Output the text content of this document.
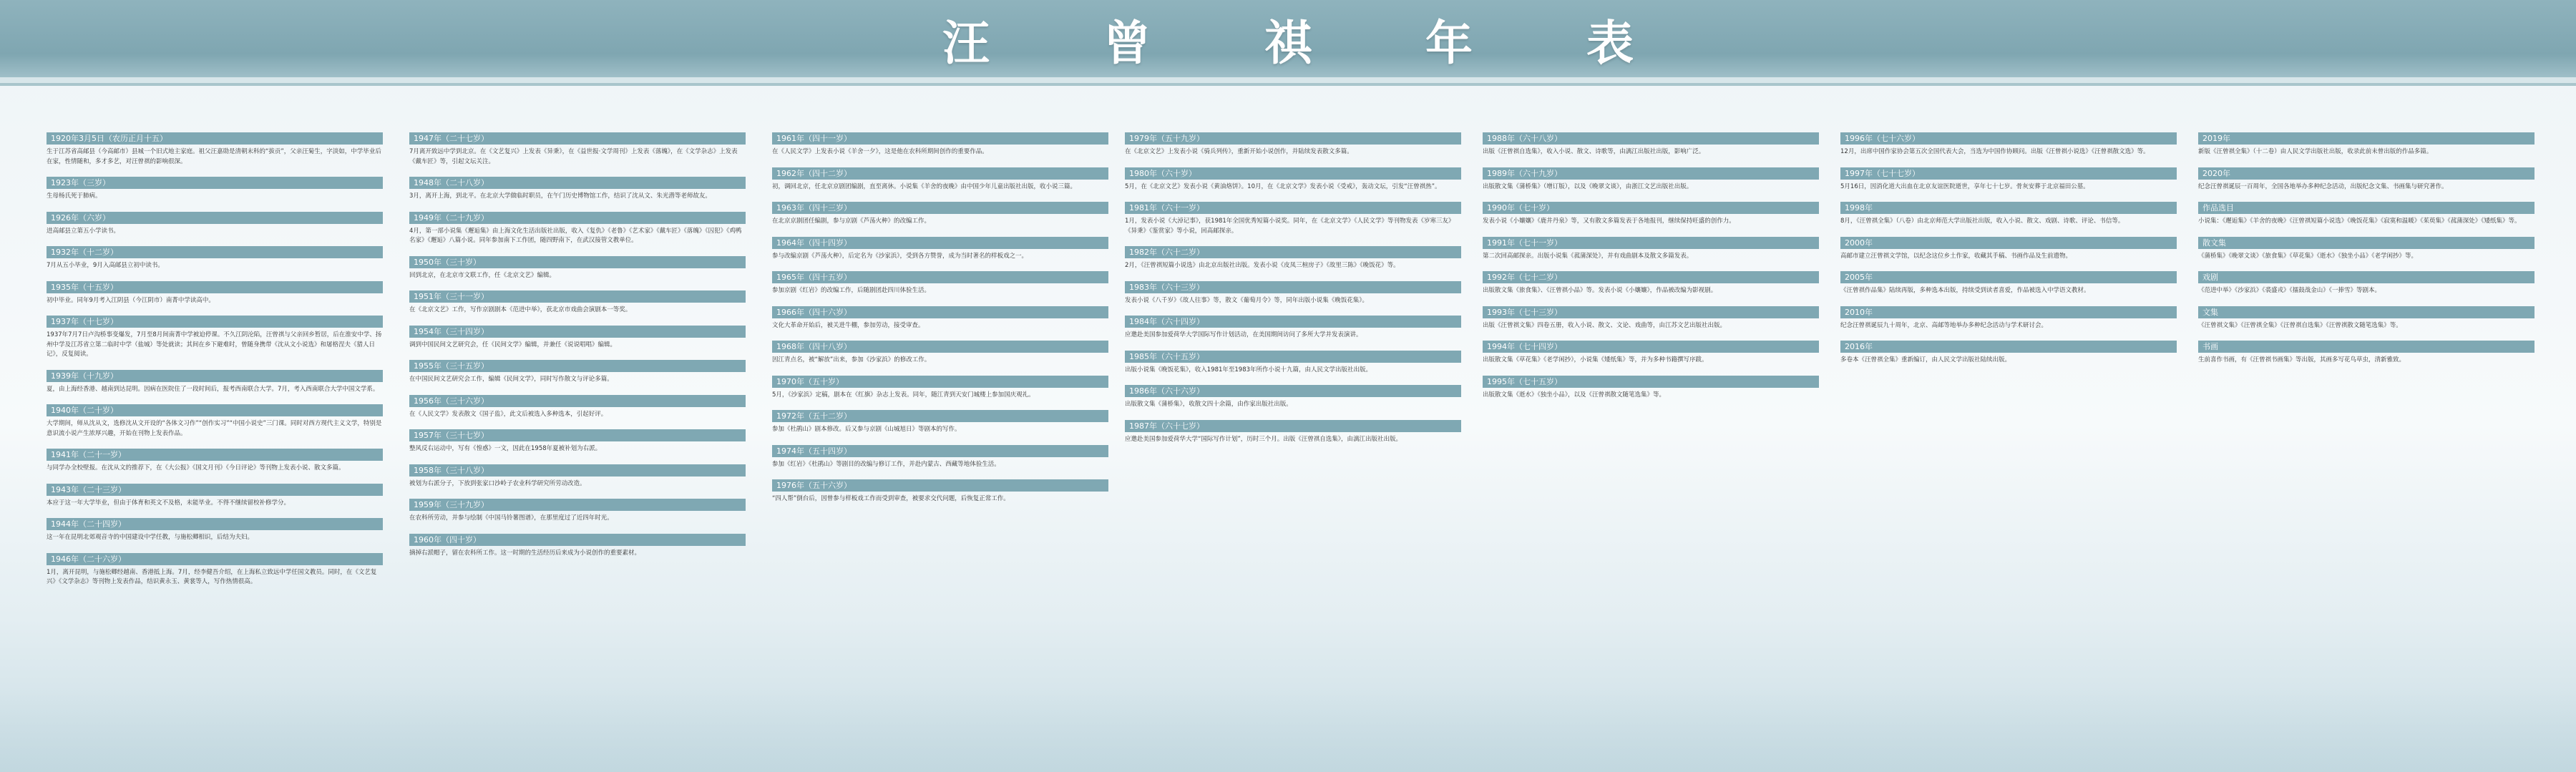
汪	曾	祺	年	表
1920年3月5日（农历正月十五）
生于江苏省高邮县（今高邮市）县城一个旧式地主家庭。祖父汪嘉勋是清朝末科的“拔贡”，父亲汪菊生，字淡如，中学毕业后在家，性情随和，多才多艺，对汪曾祺的影响很深。
1923年（三岁）
生母杨氏死于肺病。
1926年（六岁）
进高邮县立第五小学读书。
1932年（十二岁）
7月从五小毕业，9月入高邮县立初中读书。
1935年（十五岁）
初中毕业。同年9月考入江阴县（今江阴市）南菁中学读高中。
1937年（十七岁）
1937年7月7日卢沟桥事变爆发，7月至8月间南菁中学被迫停课。不久江阴沦陷，汪曾祺与父亲回乡暂居，后在淮安中学、扬州中学及江苏省立第二临时中学（盐城）等处就读；其间在乡下避难时，曾随身携带《沈从文小说选》和屠格涅夫《猎人日记》，反复阅读。
1939年（十九岁）
夏，由上海经香港、越南到达昆明。因病在医院住了一段时间后，报考西南联合大学。7月，考入西南联合大学中国文学系。
1940年（二十岁）
大学期间，师从沈从文，选修沈从文开设的“各体文习作”“创作实习”“中国小说史”三门课。同时对西方现代主义文学，特别是意识流小说产生浓厚兴趣，开始在刊物上发表作品。
1941年（二十一岁）
与同学办全校壁报。在沈从文的推荐下，在《大公报》《国文月刊》《今日评论》等刊物上发表小说、散文多篇。
1943年（二十三岁）
本应于这一年大学毕业，但由于体育和英文不及格，未能毕业。不得不继续留校补修学分。
1944年（二十四岁）
这一年在昆明北郊观音寺的中国建设中学任教，与施松卿相识，后结为夫妇。
1946年（二十六岁）
1月，离开昆明，与施松卿经越南、香港抵上海。7月，经李健吾介绍，在上海私立致远中学任国文教员。同时，在《文艺复兴》《文学杂志》等刊物上发表作品，结识黄永玉、黄裳等人，写作热情很高。
1947年（二十七岁）
7月离开致远中学到北京。在《文艺复兴》上发表《异秉》，在《益世报·文学周刊》上发表《落魄》，在《文学杂志》上发表《戴车匠》等，引起文坛关注。
1948年（二十八岁）
3月，离开上海，到北平。在北京大学做临时职员，在午门历史博物馆工作，结识了沈从文、朱光潜等老师故友。
1949年（二十九岁）
4月，第一部小说集《邂逅集》由上海文化生活出版社出版，收入《复仇》《老鲁》《艺术家》《戴车匠》《落魄》《囚犯》《鸡鸭名家》《邂逅》八篇小说。同年参加南下工作团，随四野南下，在武汉接管文教单位。
1950年（三十岁）
回到北京，在北京市文联工作，任《北京文艺》编辑。
1951年（三十一岁）
在《北京文艺》工作，写作京剧剧本《范进中举》，获北京市戏曲会演剧本一等奖。
1954年（三十四岁）
调到中国民间文艺研究会，任《民间文学》编辑，并兼任《说说唱唱》编辑。
1955年（三十五岁）
在中国民间文艺研究会工作，编辑《民间文学》，同时写作散文与评论多篇。
1956年（三十六岁）
在《人民文学》发表散文《国子监》，此文后被选入多种选本，引起好评。
1957年（三十七岁）
整风反右运动中，写有《惶惑》一文，因此在1958年夏被补划为右派。
1958年（三十八岁）
被划为右派分子，下放到张家口沙岭子农业科学研究所劳动改造。
1959年（三十九岁）
在农科所劳动，并参与绘制《中国马铃薯图谱》，在那里度过了近四年时光。
1960年（四十岁）
摘掉右派帽子，留在农科所工作。这一时期的生活经历后来成为小说创作的重要素材。
1961年（四十一岁）
在《人民文学》上发表小说《羊舍一夕》，这是他在农科所期间创作的重要作品。
1962年（四十二岁）
初，调回北京，任北京京剧团编剧，直至离休。小说集《羊舍的夜晚》由中国少年儿童出版社出版，收小说三篇。
1963年（四十三岁）
在北京京剧团任编剧，参与京剧《芦荡火种》的改编工作。
1964年（四十四岁）
参与改编京剧《芦荡火种》，后定名为《沙家浜》，受到各方赞誉，成为当时著名的样板戏之一。
1965年（四十五岁）
参加京剧《红岩》的改编工作，后随剧团赴四川体验生活。
1966年（四十六岁）
文化大革命开始后，被关进牛棚，参加劳动，接受审查。
1968年（四十八岁）
因江青点名，被“解放”出来，参加《沙家浜》的修改工作。
1970年（五十岁）
5月，《沙家浜》定稿，剧本在《红旗》杂志上发表。同年，随江青到天安门城楼上参加国庆观礼。
1972年（五十二岁）
参加《杜鹃山》剧本修改。后又参与京剧《山城旭日》等剧本的写作。
1974年（五十四岁）
参加《红岩》《杜鹃山》等剧目的改编与修订工作，并赴内蒙古、西藏等地体验生活。
1976年（五十六岁）
“四人帮”倒台后，因曾参与样板戏工作而受到审查，被要求交代问题，后恢复正常工作。
1979年（五十九岁）
在《北京文艺》上发表小说《骑兵列传》，重新开始小说创作，并陆续发表散文多篇。
1980年（六十岁）
5月，在《北京文艺》发表小说《黄油烙饼》。10月，在《北京文学》发表小说《受戒》，轰动文坛，引发“汪曾祺热”。
1981年（六十一岁）
1月，发表小说《大淖记事》，获1981年全国优秀短篇小说奖。同年，在《北京文学》《人民文学》等刊物发表《岁寒三友》《异秉》《鉴赏家》等小说，回高邮探亲。
1982年（六十二岁）
2月，《汪曾祺短篇小说选》由北京出版社出版。发表小说《皮凤三楦房子》《故里三陈》《晚饭花》等。
1983年（六十三岁）
发表小说《八千岁》《故人往事》等，散文《葡萄月令》等，同年出版小说集《晚饭花集》。
1984年（六十四岁）
应邀赴美国参加爱荷华大学国际写作计划活动，在美国期间访问了多所大学并发表演讲。
1985年（六十五岁）
出版小说集《晚饭花集》，收入1981年至1983年所作小说十九篇，由人民文学出版社出版。
1986年（六十六岁）
出版散文集《蒲桥集》，收散文四十余篇，由作家出版社出版。
1987年（六十七岁）
应邀赴美国参加爱荷华大学“国际写作计划”，历时三个月。出版《汪曾祺自选集》，由漓江出版社出版。
1988年（六十八岁）
出版《汪曾祺自选集》，收入小说、散文、诗歌等，由漓江出版社出版，影响广泛。
1989年（六十九岁）
出版散文集《蒲桥集》（增订版），以及《晚翠文谈》，由浙江文艺出版社出版。
1990年（七十岁）
发表小说《小孃孃》《鹿井丹泉》等，又有散文多篇发表于各地报刊，继续保持旺盛的创作力。
1991年（七十一岁）
第二次回高邮探亲。出版小说集《菰蒲深处》，并有戏曲剧本及散文多篇发表。
1992年（七十二岁）
出版散文集《旅食集》、《汪曾祺小品》等。发表小说《小孃孃》，作品被改编为影视剧。
1993年（七十三岁）
出版《汪曾祺文集》四卷五册，收入小说、散文、文论、戏曲等，由江苏文艺出版社出版。
1994年（七十四岁）
出版散文集《草花集》《老学闲抄》，小说集《矮纸集》等，并为多种书籍撰写序跋。
1995年（七十五岁）
出版散文集《逝水》《独坐小品》，以及《汪曾祺散文随笔选集》等。
1996年（七十六岁）
12月，出席中国作家协会第五次全国代表大会，当选为中国作协顾问。出版《汪曾祺小说选》《汪曾祺散文选》等。
1997年（七十七岁）
5月16日，因消化道大出血在北京友谊医院逝世，享年七十七岁。骨灰安葬于北京福田公墓。
1998年
8月，《汪曾祺全集》（八卷）由北京师范大学出版社出版，收入小说、散文、戏剧、诗歌、评论、书信等。
2000年
高邮市建立汪曾祺文学馆，以纪念这位乡土作家，收藏其手稿、书画作品及生前遗物。
2005年
《汪曾祺作品集》陆续再版，多种选本出版，持续受到读者喜爱，作品被选入中学语文教材。
2010年
纪念汪曾祺诞辰九十周年，北京、高邮等地举办多种纪念活动与学术研讨会。
2016年
多卷本《汪曾祺全集》重新编订，由人民文学出版社陆续出版。
2019年
新版《汪曾祺全集》（十二卷）由人民文学出版社出版，收录此前未曾出版的作品多篇。
2020年
纪念汪曾祺诞辰一百周年，全国各地举办多种纪念活动，出版纪念文集、书画集与研究著作。
作品选目
小说集：《邂逅集》《羊舍的夜晚》《汪曾祺短篇小说选》《晚饭花集》《寂寞和温暖》《茱萸集》《菰蒲深处》《矮纸集》等。
散文集
《蒲桥集》《晚翠文谈》《旅食集》《草花集》《逝水》《独坐小品》《老学闲抄》等。
戏剧
《范进中举》《沙家浜》《裘盛戎》《擂鼓战金山》《一捧雪》等剧本。
文集
《汪曾祺文集》《汪曾祺全集》《汪曾祺自选集》《汪曾祺散文随笔选集》等。
书画
生前喜作书画，有《汪曾祺书画集》等出版，其画多写花鸟草虫，清新雅致。
